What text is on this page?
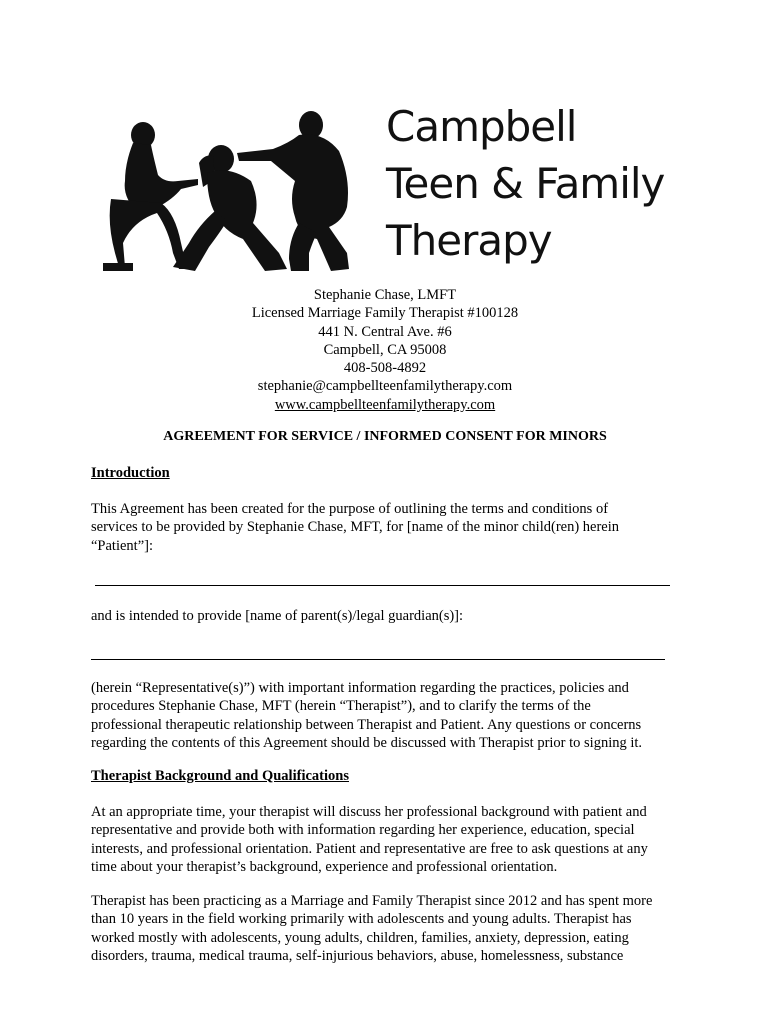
Campbell
Teen & Family
Therapy
Stephanie Chase, LMFT
Licensed Marriage Family Therapist #100128
441 N. Central Ave. #6
Campbell, CA 95008
408-508-4892
stephanie@campbellteenfamilytherapy.com
www.campbellteenfamilytherapy.com
AGREEMENT FOR SERVICE / INFORMED CONSENT FOR MINORS
Introduction
This Agreement has been created for the purpose of outlining the terms and conditions of
services to be provided by Stephanie Chase, MFT, for [name of the minor child(ren) herein
“Patient”]:
and is intended to provide [name of parent(s)/legal guardian(s)]:
(herein “Representative(s)”) with important information regarding the practices, policies and
procedures Stephanie Chase, MFT (herein “Therapist”), and to clarify the terms of the
professional therapeutic relationship between Therapist and Patient. Any questions or concerns
regarding the contents of this Agreement should be discussed with Therapist prior to signing it.
Therapist Background and Qualifications
At an appropriate time, your therapist will discuss her professional background with patient and
representative and provide both with information regarding her experience, education, special
interests, and professional orientation. Patient and representative are free to ask questions at any
time about your therapist’s background, experience and professional orientation.
Therapist has been practicing as a Marriage and Family Therapist since 2012 and has spent more
than 10 years in the field working primarily with adolescents and young adults. Therapist has
worked mostly with adolescents, young adults, children, families, anxiety, depression, eating
disorders, trauma, medical trauma, self-injurious behaviors, abuse, homelessness, substance
